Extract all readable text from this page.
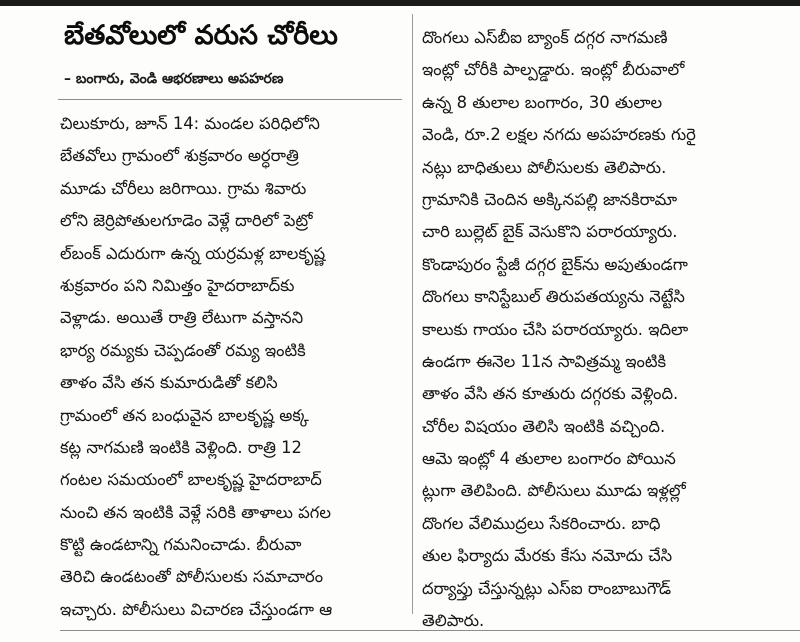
బేతవోలులో వరుస చోరీలు
– బంగారు, వెండి ఆభరణాలు అపహరణ
చిలుకూరు, జూన్ 14: మండల పరిధిలోని
బేతవోలు గ్రామంలో శుక్రవారం అర్ధరాత్రి
మూడు చోరీలు జరిగాయి. గ్రామ శివారు
లోని జెర్రిపోతులగూడెం వెళ్లే దారిలో పెట్రో
ల్‌బంక్ ఎదురుగా ఉన్న యర్రమళ్ల బాలకృష్ణ
శుక్రవారం పని నిమిత్తం హైదరాబాద్‌కు
వెళ్లాడు. అయితే రాత్రి లేటుగా వస్తానని
భార్య రమ్యకు చెప్పడంతో రమ్య ఇంటికి
తాళం వేసి తన కుమారుడితో కలిసి
గ్రామంలో తన బంధువైన బాలకృష్ణ అక్క
కట్ల నాగమణి ఇంటికి వెళ్లింది. రాత్రి 12
గంటల సమయంలో బాలకృష్ణ హైదరాబాద్
నుంచి తన ఇంటికి వెళ్లే సరికి తాళాలు పగల
కొట్టి ఉండటాన్ని గమనించాడు. బీరువా
తెరిచి ఉండటంతో పోలీసులకు సమాచారం
ఇచ్చారు. పోలీసులు విచారణ చేస్తుండగా ఆ
దొంగలు ఎస్‌బీఐ బ్యాంక్ దగ్గర నాగమణి
ఇంట్లో చోరీకి పాల్పడ్డారు. ఇంట్లో బీరువాలో
ఉన్న 8 తులాల బంగారం, 30 తులాల
వెండి, రూ.2 లక్షల నగదు అపహరణకు గురై
నట్లు బాధితులు పోలీసులకు తెలిపారు.
గ్రామానికి చెందిన అక్కినపల్లి జానకిరామా
చారి బుల్లెట్ బైక్ వెసుకొని పరారయ్యారు.
కొండాపురం స్టేజీ దగ్గర బైక్‌ను అపుతుండగా
దొంగలు కానిస్టేబుల్ తిరుపతయ్యను నెట్టేసి
కాలుకు గాయం చేసి పరారయ్యారు. ఇదిలా
ఉండగా ఈనెల 11న సావిత్రమ్మ ఇంటికి
తాళం వేసి తన కూతురు దగ్గరకు వెళ్లింది.
చోరీల విషయం తెలిసి ఇంటికి వచ్చింది.
ఆమె ఇంట్లో 4 తులాల బంగారం పోయిన
ట్లుగా తెలిపింది. పోలీసులు మూడు ఇళ్లల్లో
దొంగల వేలిముద్రలు సేకరించారు. బాధి
తుల ఫిర్యాదు మేరకు కేసు నమోదు చేసి
దర్యాప్తు చేస్తున్నట్లు ఎస్‌ఐ రాంబాబుగౌడ్
తెలిపారు.
